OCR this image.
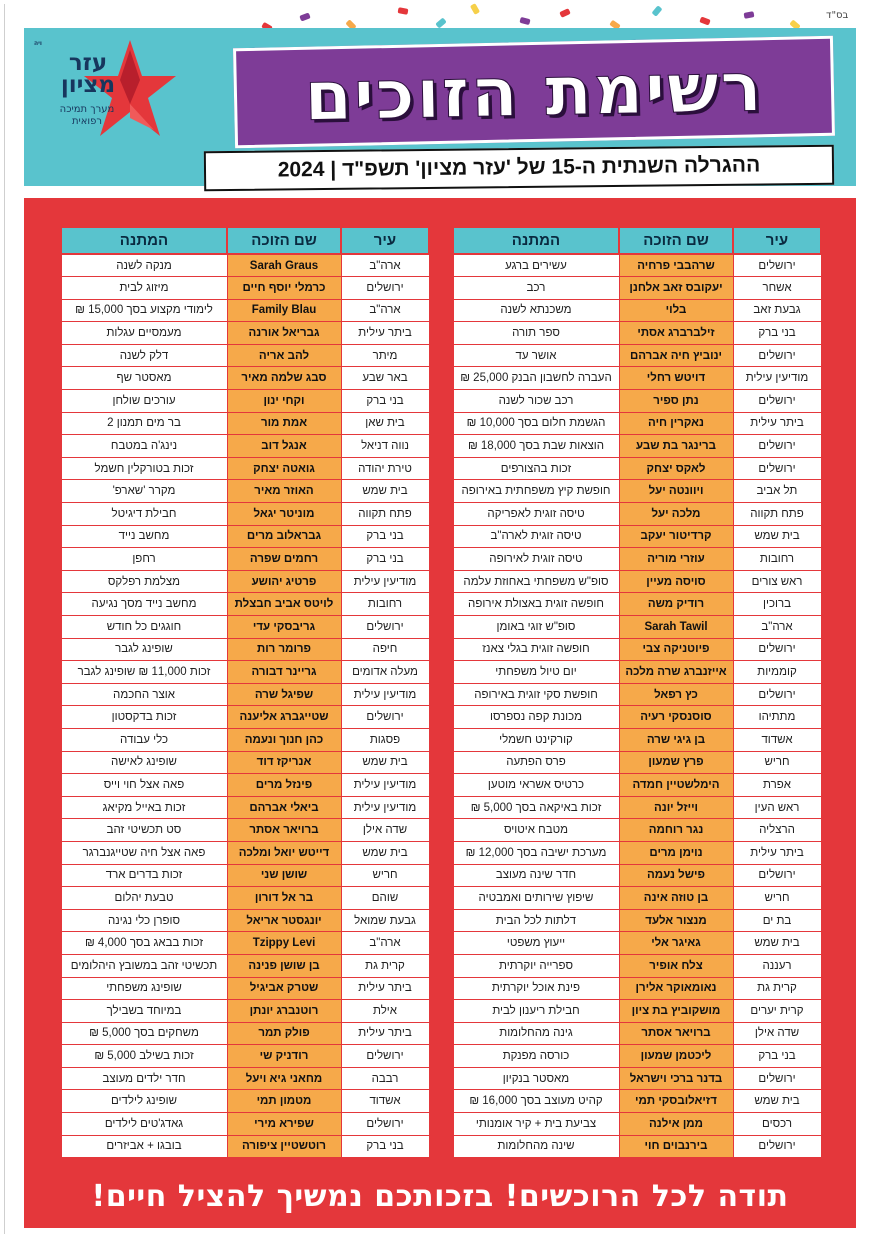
בס"ד
רשימת הזוכים
ההגרלה השנתית ה-15 של 'עזר מציון' תשפ"ד | 2024
עזר
מציון
ויה
מערך תמיכה
רפואית
עיר	שם הזוכה	המתנה
ירושלים	שרהבבי פרחיה	עשירים ברגע
אשחר	יעקובס זאב אלחנן	רכב
גבעת זאב	בלוי	משכנתא לשנה
בני ברק	זילברברג אסתי	ספר תורה
ירושלים	ינוביץ חיה אברהם	אושר עד
מודיעין עילית	דויטש רחלי	העברה לחשבון הבנק 25,000 ₪
ירושלים	נתן ספיר	רכב שכור לשנה
ביתר עילית	נאקרין חיה	הגשמת חלום בסך 10,000 ₪
ירושלים	ברינגר בת שבע	הוצאות שבת בסך 18,000 ₪
ירושלים	לאקס יצחק	זכות בהצורפים
תל אביב	ויוונטה יעל	חופשת קיץ משפחתית באירופה
פתח תקווה	מלכה יעל	טיסה זוגית לאפריקה
בית שמש	קרדיטור יעקב	טיסה זוגית לארה"ב
רחובות	עוזרי מוריה	טיסה זוגית לאירופה
ראש צורים	סויסה מעיין	סופ"ש משפחתי באחוזת עלמה
ברוכין	רודיק משה	חופשה זוגית באצולת אירופה
ארה"ב	Sarah Tawil	סופ"ש זוגי באומן
ירושלים	פיוטניקה צבי	חופשה זוגית בגלי צאנז
קוממיות	אייזנברג שרה מלכה	יום טיול משפחתי
ירושלים	כץ רפאל	חופשת סקי זוגית באירופה
מתתיהו	סוסנסקי רעיה	מכונת קפה נספרסו
אשדוד	בן גיגי שרה	קורקינט חשמלי
חריש	פרץ שמעון	פרס הפתעה
אפרת	הימלשטיין חמדה	כרטיס אשראי מוטען
ראש העין	וייזל יונה	זכות באיקאה בסך 5,000 ₪
הרצליה	נגר רוחמה	מטבח איטויס
ביתר עילית	נוימן מרים	מערכת ישיבה בסך 12,000 ₪
ירושלים	פישל נעמה	חדר שינה מעוצב
חריש	בן טוזה אינה	שיפוץ שירותים ואמבטיה
בת ים	מנצור אלעד	דלתות לכל הבית
בית שמש	גאיגר אלי	ייעוץ משפטי
רעננה	צלח אופיר	ספרייה יוקרתית
קרית גת	נאומאוקר אלירן	פינת אוכל יוקרתית
קרית יערים	מושקוביץ בת ציון	חבילת ריענון לבית
שדה אילן	ברויאר אסתר	גינה מהחלומות
בני ברק	ליכטמן שמעון	כורסה מפנקת
ירושלים	בדנר ברכי וישראל	מאסטר בנקיון
בית שמש	דזיאלובסקי תמי	קהיט מעוצב בסך 16,000 ₪
רכסים	ממן אילנה	צביעת בית + קיר אומנותי
ירושלים	בירנבוים חוי	שינה מהחלומות
עיר	שם הזוכה	המתנה
ארה"ב	Sarah Graus	מנקה לשנה
ירושלים	כרמלי יוסף חיים	מיזוג לבית
ארה"ב	Family Blau	לימודי מקצוע בסך 15,000 ₪
ביתר עילית	גבריאל אורנה	מעמסיים עגלות
מיתר	להב אריה	דלק לשנה
באר שבע	סבג שלמה מאיר	מאסטר שף
בני ברק	וקחי ינון	עורכים שולחן
בית שאן	אמת מור	בר מים תמנון 2
נווה דניאל	אנגל דוב	נינג'ה במטבח
טירת יהודה	גואטה יצחק	זכות בטורקלין חשמל
בית שמש	האוזר מאיר	מקרר 'שארפ'
פתח תקווה	מוניטר יגאל	חבילת דיגיטל
בני ברק	גבראלוב מרים	מחשב נייד
בני ברק	רחמים שפרה	רחפן
מודיעין עילית	פרטיג יהושע	מצלמת רפלקס
רחובות	לויטס אביב חבצלת	מחשב נייד מסך נגיעה
ירושלים	גריבסקי עדי	חוגגים כל חודש
חיפה	פרומר רות	שופינג לגבר
מעלה אדומים	גריינר דבורה	זכות 11,000 ₪ שופינג לגבר
מודיעין עילית	שפיגל שרה	אוצר החכמה
ירושלים	שטייגברג אליענה	זכות בדקסטון
פסגות	כהן חנוך ונעמה	כלי עבודה
בית שמש	אנריקז דוד	שופינג לאישה
מודיעין עילית	פינזל מרים	פאה אצל חוי וייס
מודיעין עילית	ביאלי אברהם	זכות באייל מקיאג
שדה אילן	ברויאר אסתר	סט תכשיטי זהב
בית שמש	דייטש יואל ומלכה	פאה אצל חיה שטייגנברגר
חריש	שושן שני	זכות בדרים ארד
שוהם	בר אל דורון	טבעת יהלום
גבעת שמואל	יונגסטר אריאל	סופרן כלי נגינה
ארה"ב	Tzippy Levi	זכות בבאג בסך 4,000 ₪
קרית גת	בן שושן פנינה	תכשיטי זהב במשובץ היהלומים
ביתר עילית	שטרק אביגיל	שופינג משפחתי
אילת	רוטנברג יונתן	במיוחד בשבילך
ביתר עילית	פולק תמר	משחקים בסך 5,000 ₪
ירושלים	רודניק שי	זכות בשילב 5,000 ₪
רבבה	מחאני גיא ויעל	חדר ילדים מעוצב
אשדוד	מטמון תמי	שופינג לילדים
ירושלים	שפירא מירי	גאדג'טים לילדים
בני ברק	רוטשטיין ציפורה	בובגו + אביזרים
תודה לכל הרוכשים! בזכותכם נמשיך להציל חיים!
